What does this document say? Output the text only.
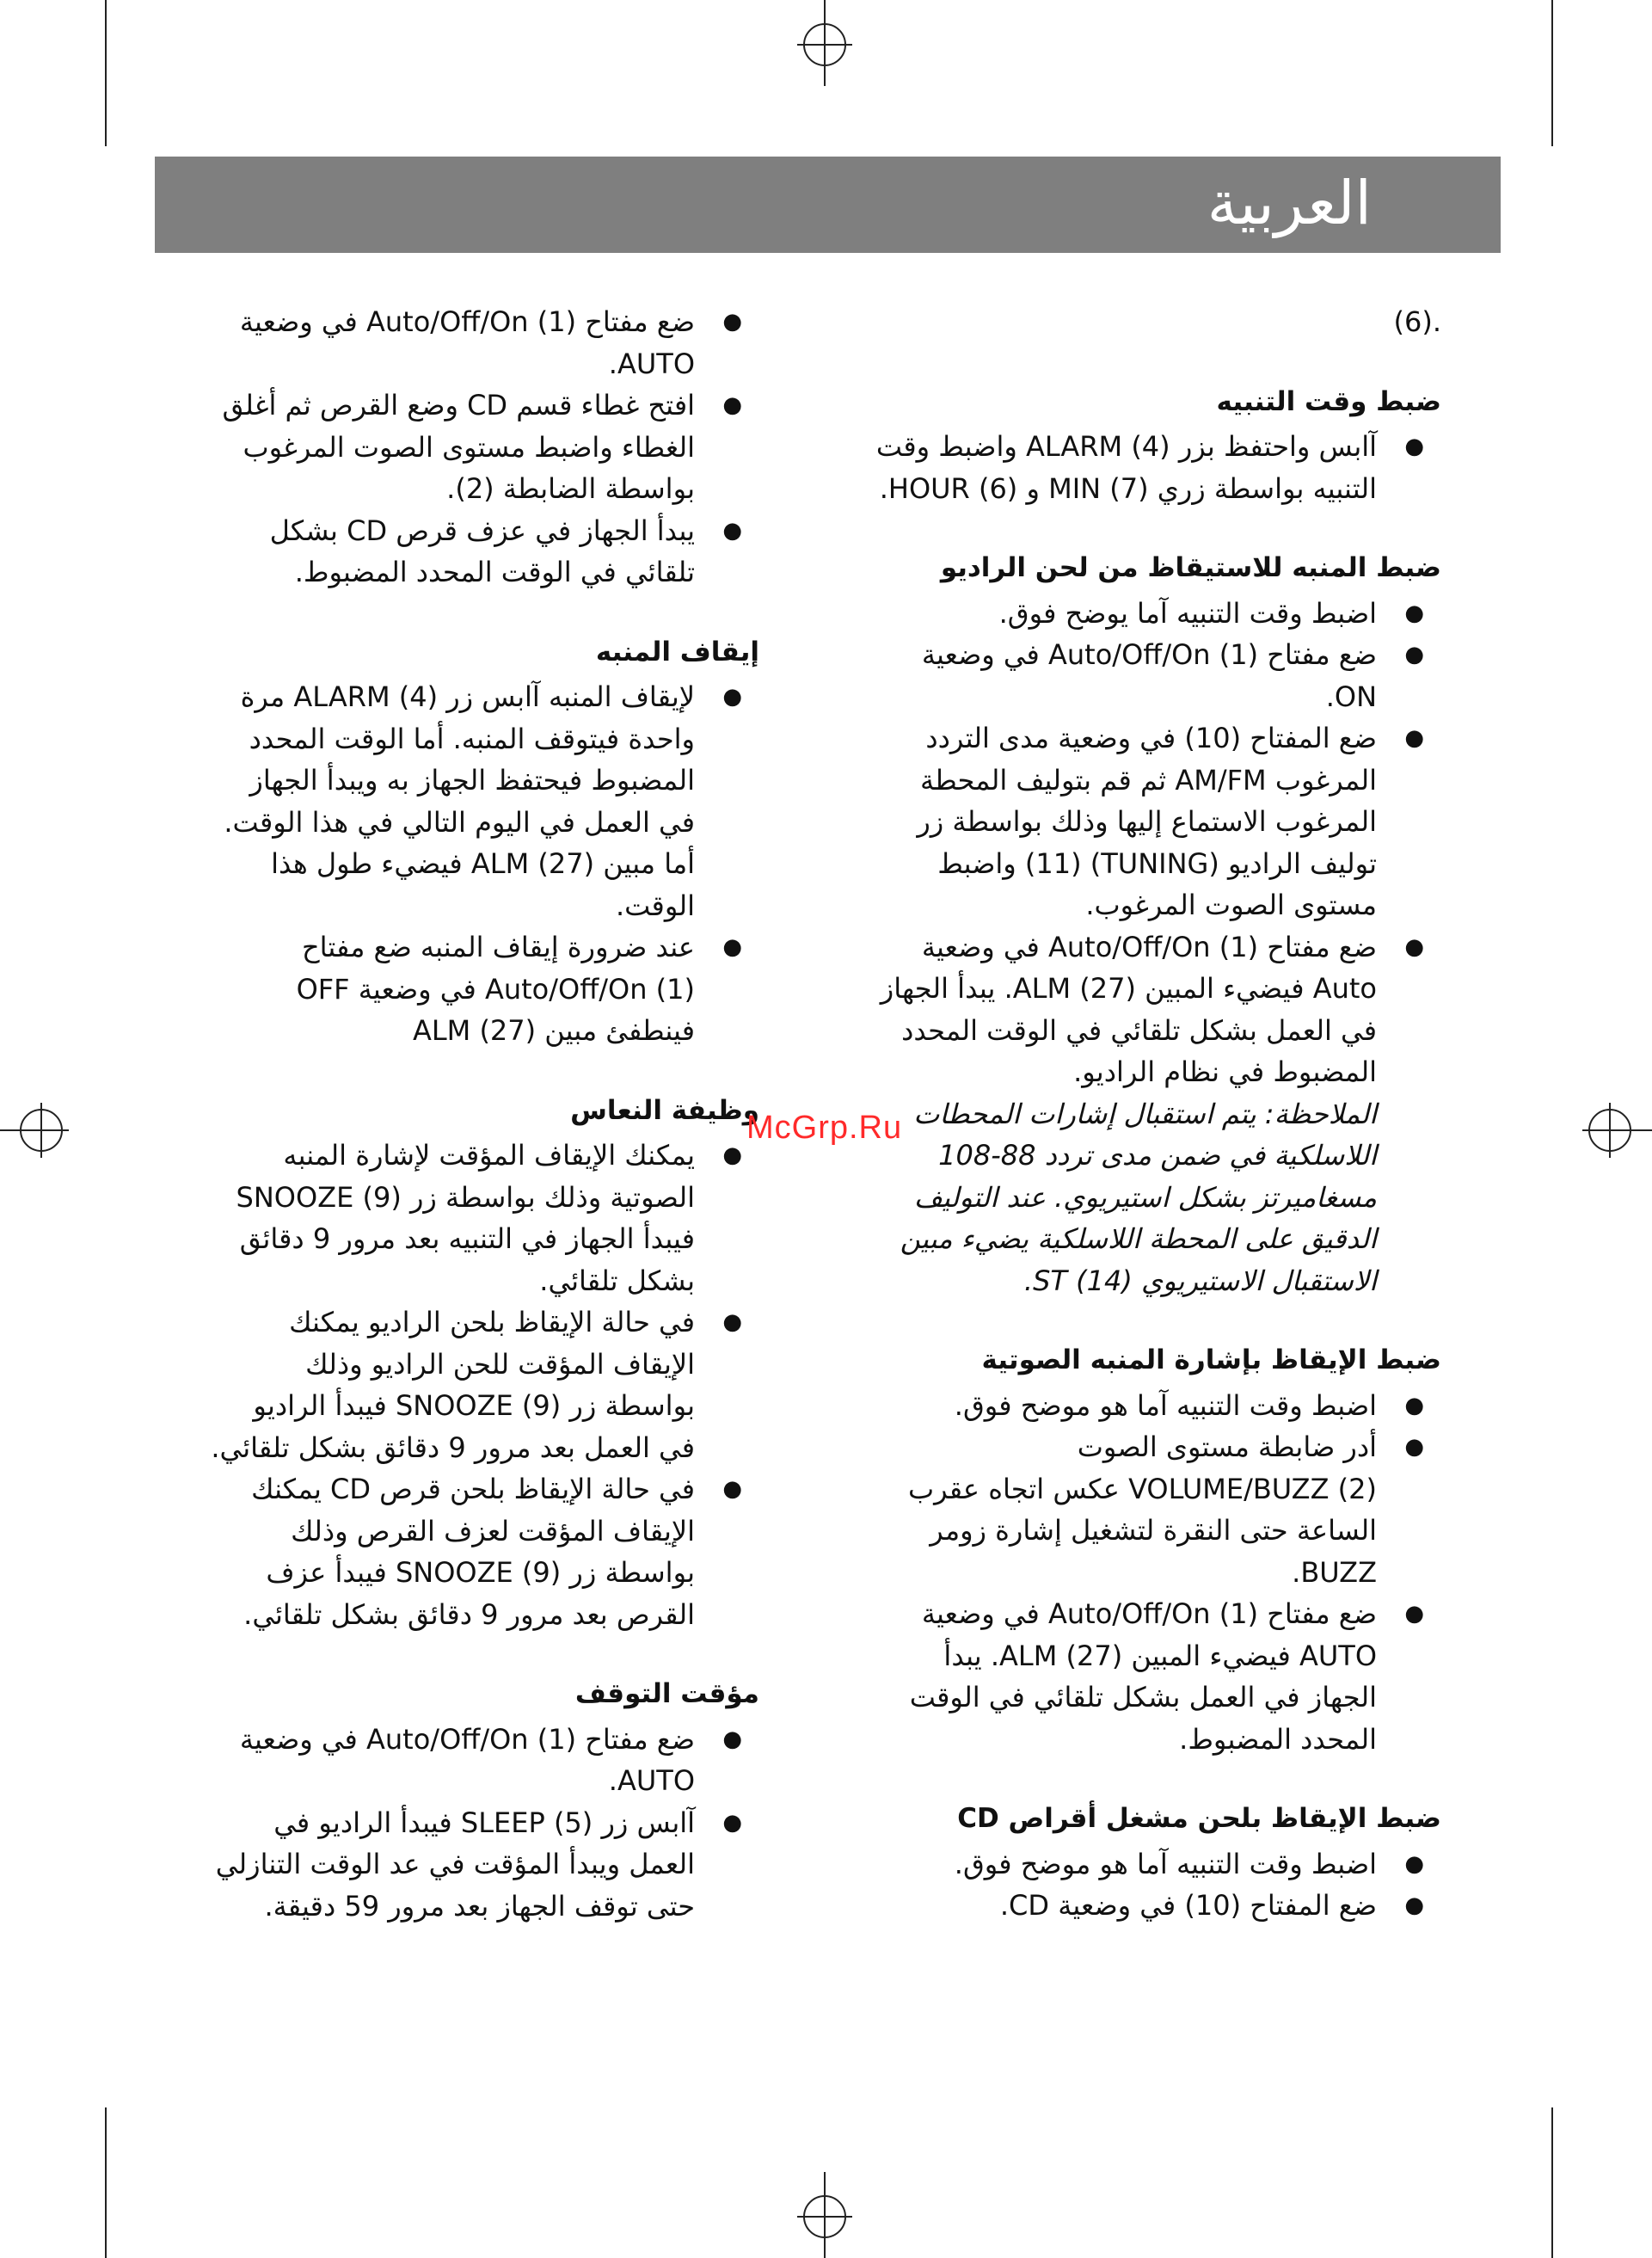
العربية

.(6)

ضبط وقت التنبيه
●
آابس واحتفظ بزر ALARM (4) واضبط وقت التنبيه بواسطة زري MIN (7) و HOUR (6).
ضبط المنبه للاستيقاظ من لحن الراديو
●
اضبط وقت التنبيه آما يوضح فوق.
●
ضع مفتاح Auto/Off/On (1) في وضعية ON.
●
ضع المفتاح (10) في وضعية مدى التردد المرغوب AM/FM ثم قم بتوليف المحطة المرغوب الاستماع إليها وذلك بواسطة زر توليف الراديو (TUNING) (11) واضبط مستوى الصوت المرغوب.
●
ضع مفتاح Auto/Off/On (1) في وضعية Auto فيضيء المبين ALM (27). يبدأ الجهاز في العمل بشكل تلقائي في الوقت المحدد المضبوط في نظام الراديو.

الملاحظة: يتم استقبال إشارات المحطات اللاسلكية في ضمن مدى تردد 88-108 مسغاميرتز بشكل استيريوي. عند التوليف الدقيق على المحطة اللاسلكية يضيء مبين الاستقبال الاستيريوي ST (14).

ضبط الإيقاظ بإشارة المنبه الصوتية
●
اضبط وقت التنبيه آما هو موضح فوق.
●
أدر ضابطة مستوى الصوت VOLUME/BUZZ (2) عكس اتجاه عقرب الساعة حتى النقرة لتشغيل إشارة زومر BUZZ.
●
ضع مفتاح Auto/Off/On (1) في وضعية AUTO فيضيء المبين ALM (27). يبدأ الجهاز في العمل بشكل تلقائي في الوقت المحدد المضبوط.
ضبط الإيقاظ بلحن مشغل أقراص CD
●
اضبط وقت التنبيه آما هو موضح فوق.
●
ضع المفتاح (10) في وضعية CD.
●
ضع مفتاح Auto/Off/On (1) في وضعية AUTO.
●
افتح غطاء قسم CD وضع القرص ثم أغلق الغطاء واضبط مستوى الصوت المرغوب بواسطة الضابطة (2).
●
يبدأ الجهاز في عزف قرص CD بشكل تلقائي في الوقت المحدد المضبوط.
إيقاف المنبه
●
لإيقاف المنبه آابس زر ALARM (4) مرة واحدة فيتوقف المنبه. أما الوقت المحدد المضبوط فيحتفظ الجهاز به ويبدأ الجهاز في العمل في اليوم التالي في هذا الوقت. أما مبين ALM (27) فيضيء طول هذا الوقت.
●
عند ضرورة إيقاف المنبه ضع مفتاح Auto/Off/On (1) في وضعية OFF فينطفئ مبين ALM (27)
وظيفة النعاس
●
يمكنك الإيقاف المؤقت لإشارة المنبه الصوتية وذلك بواسطة زر SNOOZE (9) فيبدأ الجهاز في التنبيه بعد مرور 9 دقائق بشكل تلقائي.
●
في حالة الإيقاظ بلحن الراديو يمكنك الإيقاف المؤقت للحن الراديو وذلك بواسطة زر SNOOZE (9) فيبدأ الراديو في العمل بعد مرور 9 دقائق بشكل تلقائي.
●
في حالة الإيقاظ بلحن قرص CD يمكنك الإيقاف المؤقت لعزف القرص وذلك بواسطة زر SNOOZE (9) فيبدأ عزف القرص بعد مرور 9 دقائق بشكل تلقائي.
مؤقت التوقف
●
ضع مفتاح Auto/Off/On (1) في وضعية AUTO.
●
آابس زر SLEEP (5) فيبدأ الراديو في العمل ويبدأ المؤقت في عد الوقت التنازلي حتى توقف الجهاز بعد مرور 59 دقيقة.
McGrp.Ru
